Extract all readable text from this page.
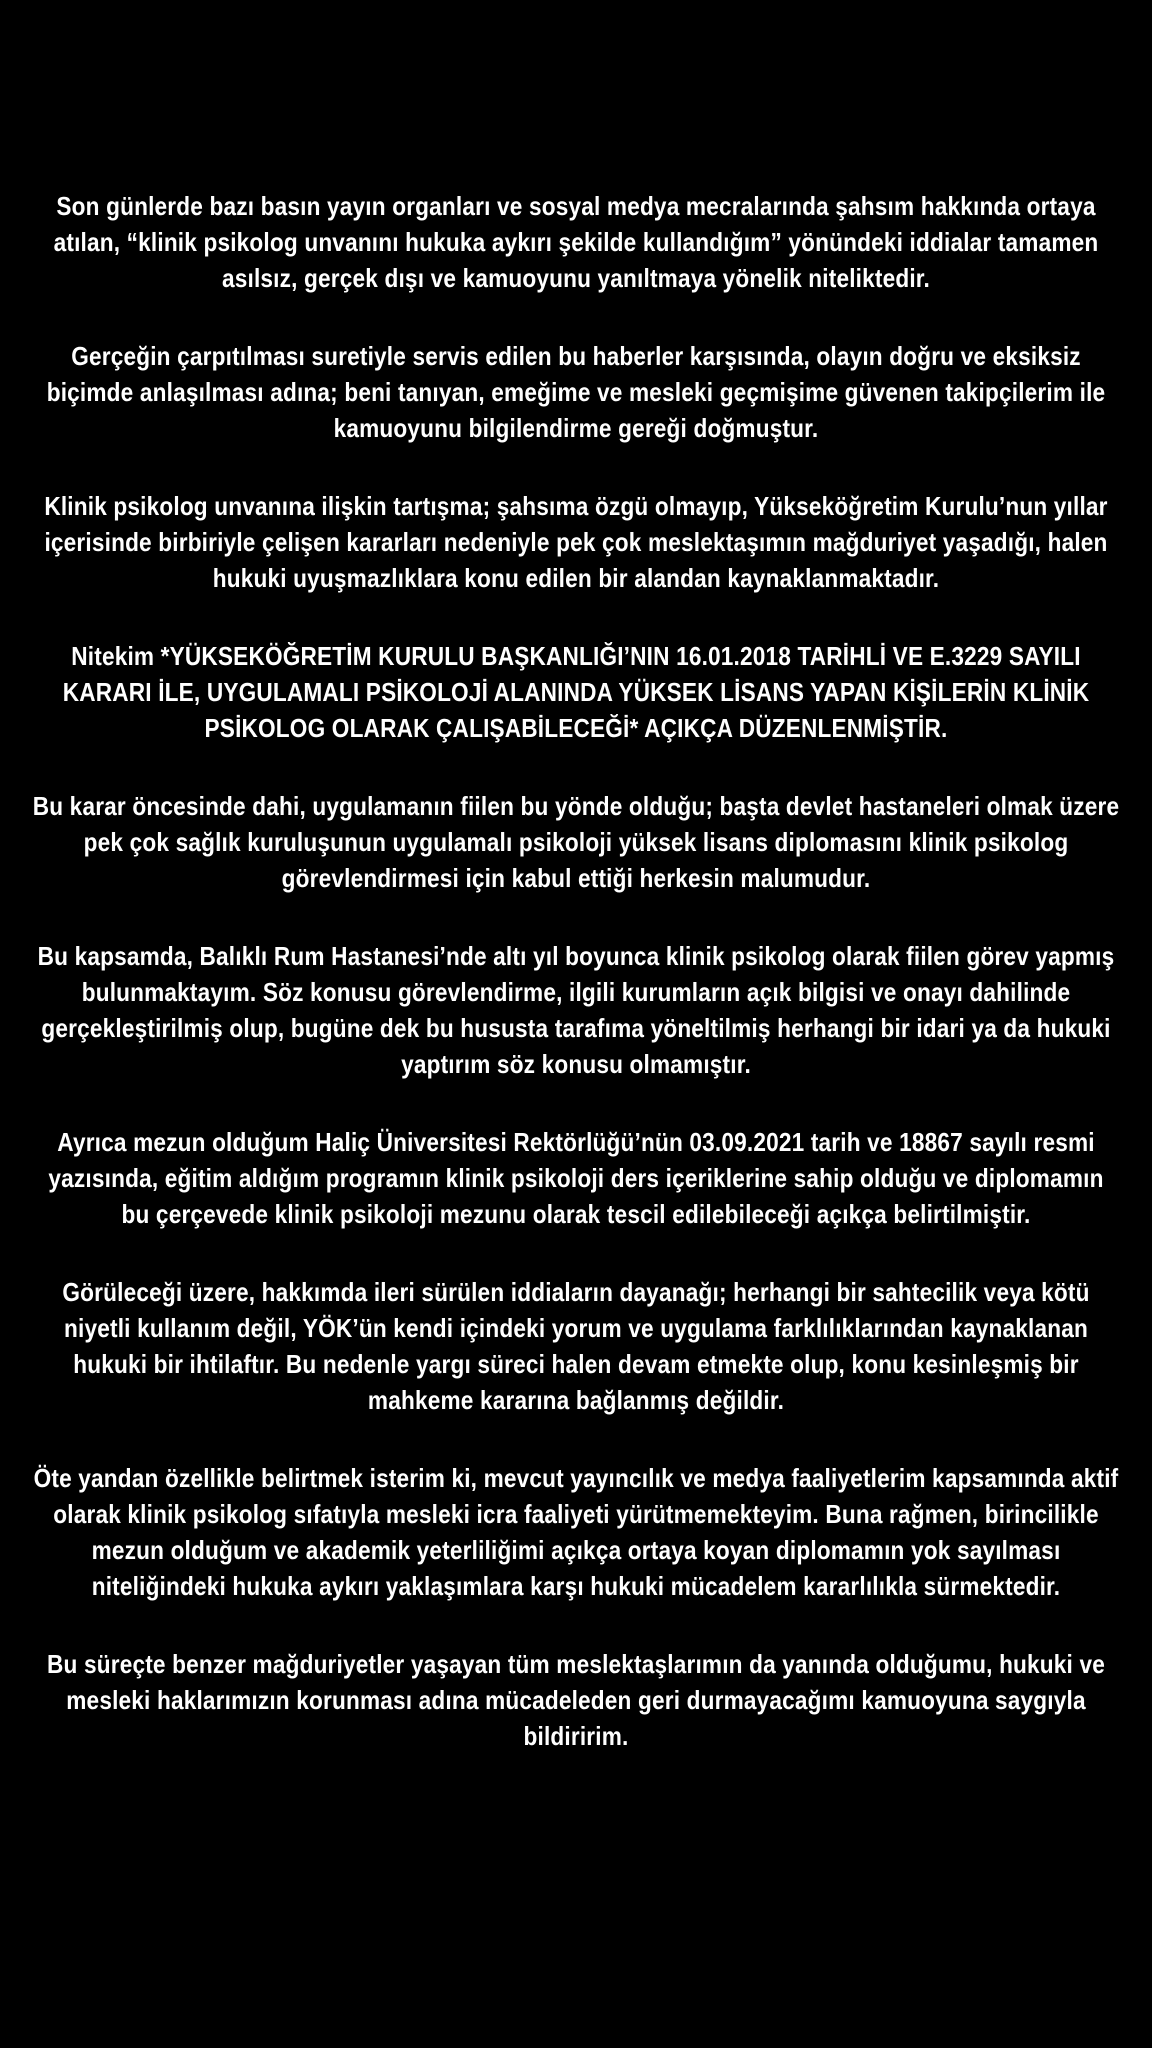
Son günlerde bazı basın yayın organları ve sosyal medya mecralarında şahsım hakkında ortaya atılan, “klinik psikolog unvanını hukuka aykırı şekilde kullandığım” yönündeki iddialar tamamen asılsız, gerçek dışı ve kamuoyunu yanıltmaya yönelik niteliktedir.

Gerçeğin çarpıtılması suretiyle servis edilen bu haberler karşısında, olayın doğru ve eksiksiz biçimde anlaşılması adına; beni tanıyan, emeğime ve mesleki geçmişime güvenen takipçilerim ile kamuoyunu bilgilendirme gereği doğmuştur.

Klinik psikolog unvanına ilişkin tartışma; şahsıma özgü olmayıp, Yükseköğretim Kurulu’nun yıllar içerisinde birbiriyle çelişen kararları nedeniyle pek çok meslektaşımın mağduriyet yaşadığı, halen hukuki uyuşmazlıklara konu edilen bir alandan kaynaklanmaktadır.

Nitekim *YÜKSEKÖĞRETİM KURULU BAŞKANLIĞI’NIN 16.01.2018 TARİHLİ VE E.3229 SAYILI KARARI İLE, UYGULAMALI PSİKOLOJİ ALANINDA YÜKSEK LİSANS YAPAN KİŞİLERİN KLİNİK PSİKOLOG OLARAK ÇALIŞABİLECEĞİ* AÇIKÇA DÜZENLENMİŞTİR.

Bu karar öncesinde dahi, uygulamanın fiilen bu yönde olduğu; başta devlet hastaneleri olmak üzere pek çok sağlık kuruluşunun uygulamalı psikoloji yüksek lisans diplomasını klinik psikolog görevlendirmesi için kabul ettiği herkesin malumudur.

Bu kapsamda, Balıklı Rum Hastanesi’nde altı yıl boyunca klinik psikolog olarak fiilen görev yapmış bulunmaktayım. Söz konusu görevlendirme, ilgili kurumların açık bilgisi ve onayı dahilinde gerçekleştirilmiş olup, bugüne dek bu hususta tarafıma yöneltilmiş herhangi bir idari ya da hukuki yaptırım söz konusu olmamıştır.

Ayrıca mezun olduğum Haliç Üniversitesi Rektörlüğü’nün 03.09.2021 tarih ve 18867 sayılı resmi yazısında, eğitim aldığım programın klinik psikoloji ders içeriklerine sahip olduğu ve diplomamın bu çerçevede klinik psikoloji mezunu olarak tescil edilebileceği açıkça belirtilmiştir.

Görüleceği üzere, hakkımda ileri sürülen iddiaların dayanağı; herhangi bir sahtecilik veya kötü niyetli kullanım değil, YÖK’ün kendi içindeki yorum ve uygulama farklılıklarından kaynaklanan hukuki bir ihtilaftır. Bu nedenle yargı süreci halen devam etmekte olup, konu kesinleşmiş bir mahkeme kararına bağlanmış değildir.

Öte yandan özellikle belirtmek isterim ki, mevcut yayıncılık ve medya faaliyetlerim kapsamında aktif olarak klinik psikolog sıfatıyla mesleki icra faaliyeti yürütmemekteyim. Buna rağmen, birincilikle mezun olduğum ve akademik yeterliliğimi açıkça ortaya koyan diplomamın yok sayılması niteliğindeki hukuka aykırı yaklaşımlara karşı hukuki mücadelem kararlılıkla sürmektedir.

Bu süreçte benzer mağduriyetler yaşayan tüm meslektaşlarımın da yanında olduğumu, hukuki ve mesleki haklarımızın korunması adına mücadeleden geri durmayacağımı kamuoyuna saygıyla bildiririm.
